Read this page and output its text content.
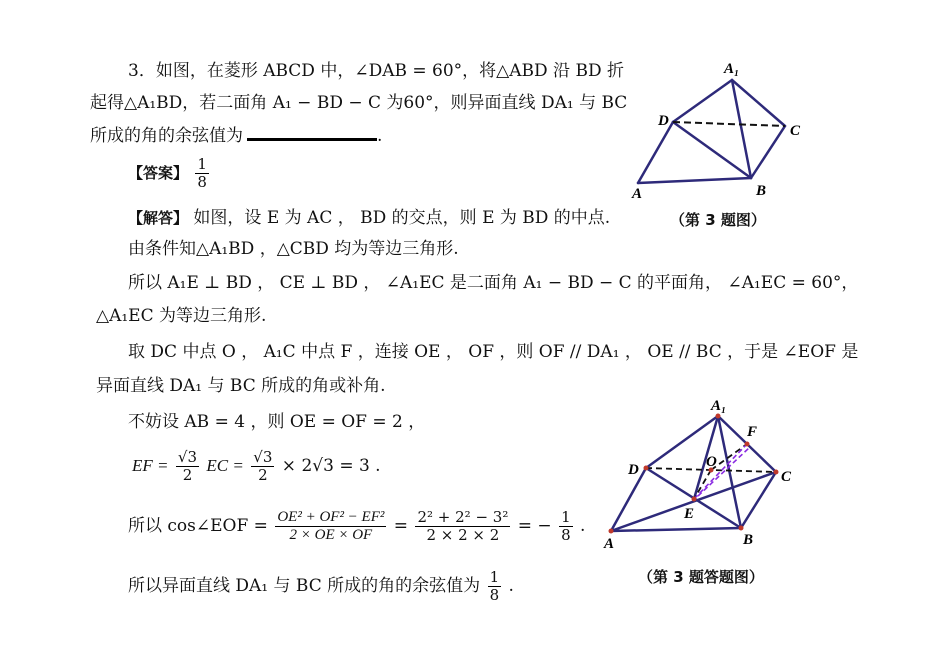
3．如图，在菱形 ABCD 中，∠DAB = 60°，将△ABD 沿 BD 折
起得△A₁BD，若二面角 A₁ − BD − C 为60°，则异面直线 DA₁ 与 BC
所成的角的余弦值为	.
【答案】 $\frac{1}{8}$
【解答】 如图，设 E 为 AC ， BD 的交点，则 E 为 BD 的中点.
由条件知△A₁BD ，△CBD 均为等边三角形.
所以 A₁E ⊥ BD ， CE ⊥ BD ， ∠A₁EC 是二面角 A₁ − BD − C 的平面角， ∠A₁EC = 60°，
△A₁EC 为等边三角形.
取 DC 中点 O ， A₁C 中点 F ，连接 OE ， OF ，则 OF // DA₁ ， OE // BC ，于是 ∠EOF 是
异面直线 DA₁ 与 BC 所成的角或补角.
不妨设 AB = 4 ，则 OE = OF = 2 ，
EF = $\frac{√3}{2}$ EC = $\frac{√3}{2} \times 2√3 = 3$ .
所以 cos∠EOF = $\frac{\text{OE² + OF² − EF²}}{2 \times OE \times OF} = \frac{\text{2² + 2² − 3²}}{2 \times 2 \times 2}$ = − $\frac{1}{8}$ .
所以异面直线 DA₁ 与 BC 所成的角的余弦值为 $\frac{1}{8}$ .
A₁
D
C
A	B
（第 3 题图）
A₁
F
D	O
C
E
A	B
（第 3 题答题图）
